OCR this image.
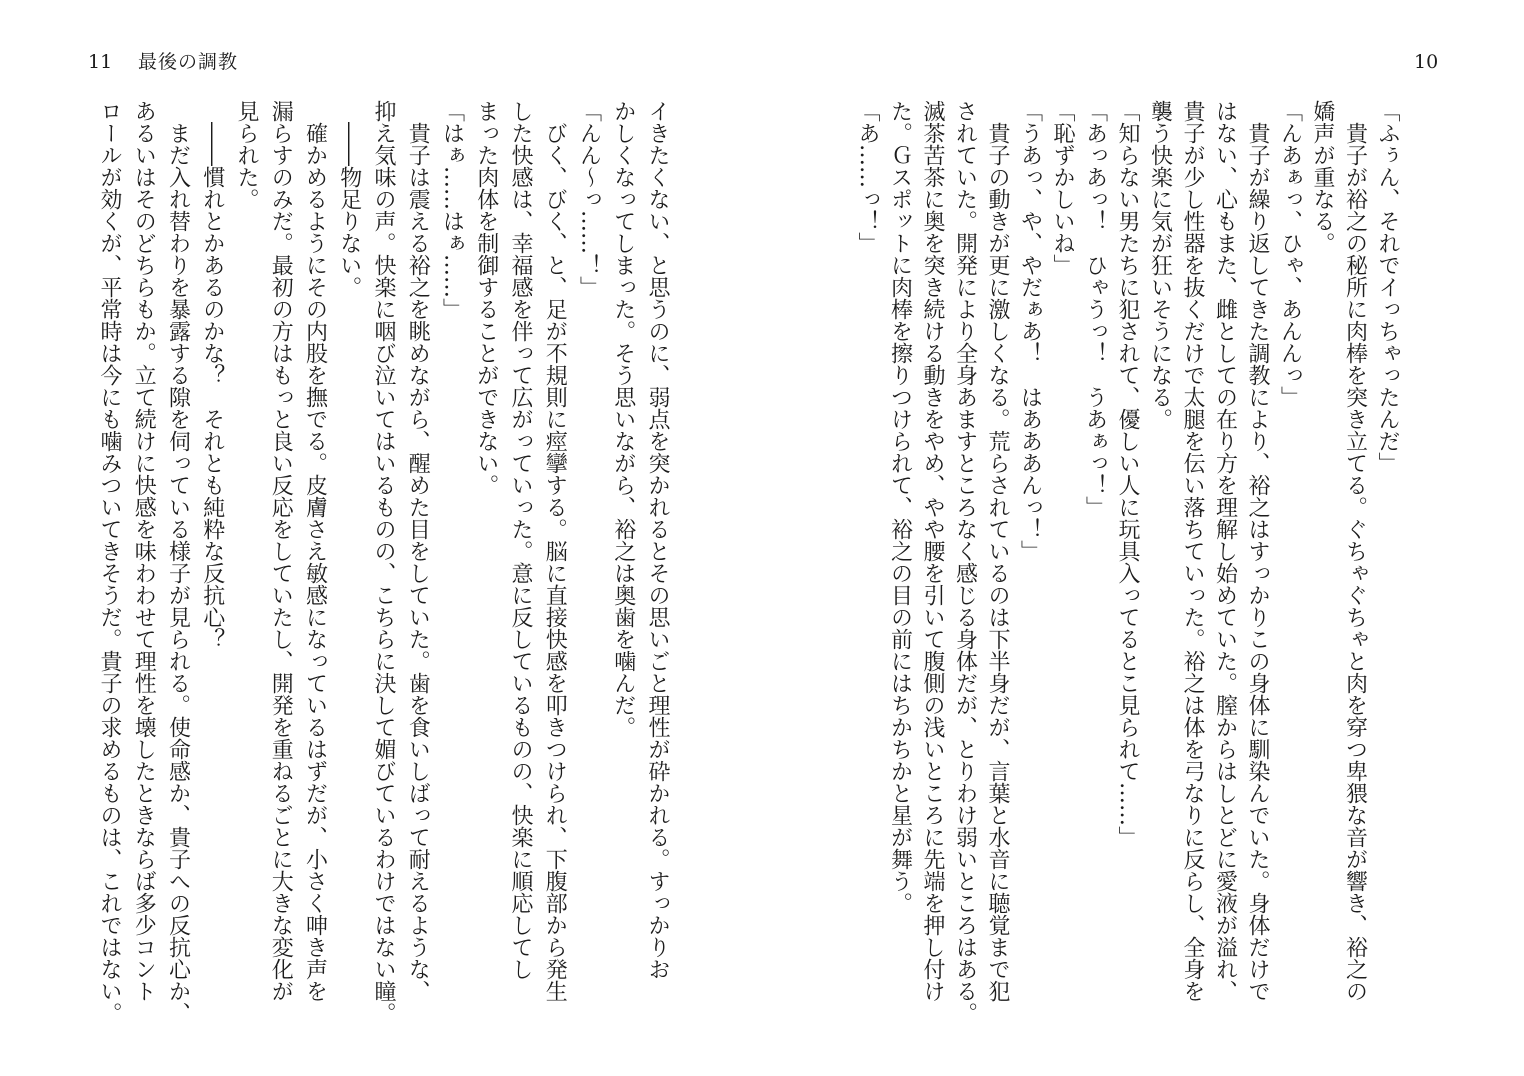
11 最後の調教	10
「ふぅん、それでイっちゃったんだ」
　貴子が裕之の秘所に肉棒を突き立てる。ぐちゃぐちゃと肉を穿つ卑猥な音が響き、裕之の
嬌声が重なる。
「んあぁっ、ひゃ、あんんっ」
　貴子が繰り返してきた調教により、裕之はすっかりこの身体に馴染んでいた。身体だけで
はない、心もまた、雌としての在り方を理解し始めていた。膣からはしとどに愛液が溢れ、
貴子が少し性器を抜くだけで太腿を伝い落ちていった。裕之は体を弓なりに反らし、全身を
襲う快楽に気が狂いそうになる。
「知らない男たちに犯されて、優しい人に玩具入ってるとこ見られて……」
「あっあっ！　ひゃうっ！　うあぁっ！」
「恥ずかしいね」
「うあっ、や、やだぁあ！　はあああんっ！」
　貴子の動きが更に激しくなる。荒らされているのは下半身だが、言葉と水音に聴覚まで犯
されていた。開発により全身あますところなく感じる身体だが、とりわけ弱いところはある。
滅茶苦茶に奥を突き続ける動きをやめ、やや腰を引いて腹側の浅いところに先端を押し付け
た。Ｇスポットに肉棒を擦りつけられて、裕之の目の前にはちかちかと星が舞う。
「あ……っ！」
イきたくない、と思うのに、弱点を突かれるとその思いごと理性が砕かれる。すっかりお
かしくなってしまった。そう思いながら、裕之は奥歯を噛んだ。
「んん～っ……！」
　びく、びく、と、足が不規則に痙攣する。脳に直接快感を叩きつけられ、下腹部から発生
した快感は、幸福感を伴って広がっていった。意に反しているものの、快楽に順応してし
まった肉体を制御することができない。
「はぁ……はぁ……」
　貴子は震える裕之を眺めながら、醒めた目をしていた。歯を食いしばって耐えるような、
抑え気味の声。快楽に咽び泣いてはいるものの、こちらに決して媚びているわけではない瞳。
　――物足りない。
　確かめるようにその内股を撫でる。皮膚さえ敏感になっているはずだが、小さく呻き声を
漏らすのみだ。最初の方はもっと良い反応をしていたし、開発を重ねるごとに大きな変化が
見られた。
　――慣れとかあるのかな？　それとも純粋な反抗心？
　まだ入れ替わりを暴露する隙を伺っている様子が見られる。使命感か、貴子への反抗心か、
あるいはそのどちらもか。立て続けに快感を味わわせて理性を壊したときならば多少コント
ロールが効くが、平常時は今にも噛みついてきそうだ。貴子の求めるものは、これではない。
